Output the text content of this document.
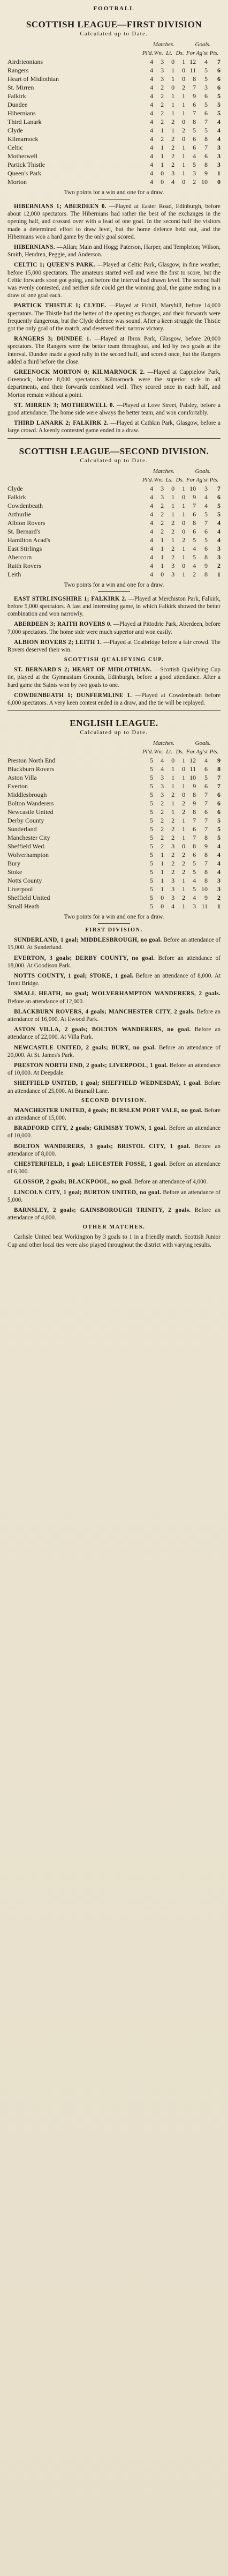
FOOTBALL
SCOTTISH LEAGUE—FIRST DIVISION
Calculated up to Date.
	Matches.				Goals.		
	Pl'd.	Wn.	Lt.	Ds.	For	Ag'st	Pts.
Airdrieonians	4	3	0	1	12	4	7
Rangers	4	3	1	0	11	5	6
Heart of Midlothian	4	3	1	0	8	5	6
St. Mirren	4	2	0	2	7	3	6
Falkirk	4	2	1	1	9	6	5
Dundee	4	2	1	1	6	5	5
Hibernians	4	2	1	1	7	6	5
Third Lanark	4	2	2	0	8	7	4
Clyde	4	1	1	2	5	5	4
Kilmarnock	4	2	2	0	6	8	4
Celtic	4	1	2	1	6	7	3
Motherwell	4	1	2	1	4	6	3
Partick Thistle	4	1	2	1	5	8	3
Queen's Park	4	0	3	1	3	9	1
Morton	4	0	4	0	2	10	0
Two points for a win and one for a draw.

HIBERNIANS 1; ABERDEEN 0. —Played at Easter Road, Edinburgh, before about 12,000 spectators. The Hibernians had rather the best of the exchanges in the opening half, and crossed over with a lead of one goal. In the second half the visitors made a determined effort to draw level, but the home defence held out, and the Hibernians won a hard game by the only goal scored.

HIBERNIANS. —Allan; Main and Hogg; Paterson, Harper, and Templeton; Wilson, Smith, Hendren, Peggie, and Anderson.

CELTIC 1; QUEEN'S PARK. —Played at Celtic Park, Glasgow, in fine weather, before 15,000 spectators. The amateurs started well and were the first to score, but the Celtic forwards soon got going, and before the interval had drawn level. The second half was evenly contested, and neither side could get the winning goal, the game ending in a draw of one goal each.

PARTICK THISTLE 1; CLYDE. —Played at Firhill, Maryhill, before 14,000 spectators. The Thistle had the better of the opening exchanges, and their forwards were frequently dangerous, but the Clyde defence was sound. After a keen struggle the Thistle got the only goal of the match, and deserved their narrow victory.

RANGERS 3; DUNDEE 1. —Played at Ibrox Park, Glasgow, before 20,000 spectators. The Rangers were the better team throughout, and led by two goals at the interval. Dundee made a good rally in the second half, and scored once, but the Rangers added a third before the close.

GREENOCK MORTON 0; KILMARNOCK 2. —Played at Cappielow Park, Greenock, before 8,000 spectators. Kilmarnock were the superior side in all departments, and their forwards combined well. They scored once in each half, and Morton remain without a point.

ST. MIRREN 3; MOTHERWELL 0. —Played at Love Street, Paisley, before a good attendance. The home side were always the better team, and won comfortably.

THIRD LANARK 2; FALKIRK 2. —Played at Cathkin Park, Glasgow, before a large crowd. A keenly contested game ended in a draw.

SCOTTISH LEAGUE—SECOND DIVISION.
Calculated up to Date.
	Matches.				Goals.		
	Pl'd.	Wn.	Ls.	Ds.	For	Ag'st	Pts.
Clyde	4	3	0	1	10	3	7
Falkirk	4	3	1	0	9	4	6
Cowdenbeath	4	2	1	1	7	4	5
Arthurlie	4	2	1	1	6	5	5
Albion Rovers	4	2	2	0	8	7	4
St. Bernard's	4	2	2	0	6	6	4
Hamilton Acad's	4	1	1	2	5	5	4
East Stirlings	4	1	2	1	4	6	3
Abercorn	4	1	2	1	5	8	3
Raith Rovers	4	1	3	0	4	9	2
Leith	4	0	3	1	2	8	1
Two points for a win and one for a draw.

EAST STIRLINGSHIRE 1; FALKIRK 2. —Played at Merchiston Park, Falkirk, before 5,000 spectators. A fast and interesting game, in which Falkirk showed the better combination and won narrowly.

ABERDEEN 3; RAITH ROVERS 0. —Played at Pittodrie Park, Aberdeen, before 7,000 spectators. The home side were much superior and won easily.

ALBION ROVERS 2; LEITH 1. —Played at Coatbridge before a fair crowd. The Rovers deserved their win.

SCOTTISH QUALIFYING CUP.

ST. BERNARD'S 2; HEART OF MIDLOTHIAN. —Scottish Qualifying Cup tie, played at the Gymnasium Grounds, Edinburgh, before a good attendance. After a hard game the Saints won by two goals to one.

COWDENBEATH 1; DUNFERMLINE 1. —Played at Cowdenbeath before 6,000 spectators. A very keen contest ended in a draw, and the tie will be replayed.

ENGLISH LEAGUE.
Calculated up to Date.
	Matches.				Goals.		
	Pl'd.	Wn.	Lt.	Ds.	For	Ag'st	Pts.
Preston North End	5	4	0	1	12	4	9
Blackburn Rovers	5	4	1	0	11	6	8
Aston Villa	5	3	1	1	10	5	7
Everton	5	3	1	1	9	6	7
Middlesbrough	5	3	2	0	8	7	6
Bolton Wanderers	5	2	1	2	9	7	6
Newcastle United	5	2	1	2	8	6	6
Derby County	5	2	2	1	7	7	5
Sunderland	5	2	2	1	6	7	5
Manchester City	5	2	2	1	7	8	5
Sheffield Wed.	5	2	3	0	8	9	4
Wolverhampton	5	1	2	2	6	8	4
Bury	5	1	2	2	5	7	4
Stoke	5	1	2	2	5	8	4
Notts County	5	1	3	1	4	8	3
Liverpool	5	1	3	1	5	10	3
Sheffield United	5	0	3	2	4	9	2
Small Heath	5	0	4	1	3	11	1
Two points for a win and one for a draw.
FIRST DIVISION.

SUNDERLAND, 1 goal; MIDDLESBROUGH, no goal. Before an attendance of 15,000. At Sunderland.

EVERTON, 3 goals; DERBY COUNTY, no goal. Before an attendance of 18,000. At Goodison Park.

NOTTS COUNTY, 1 goal; STOKE, 1 goal. Before an attendance of 8,000. At Trent Bridge.

SMALL HEATH, no goal; WOLVERHAMPTON WANDERERS, 2 goals. Before an attendance of 12,000.

BLACKBURN ROVERS, 4 goals; MANCHESTER CITY, 2 goals. Before an attendance of 16,000. At Ewood Park.

ASTON VILLA, 2 goals; BOLTON WANDERERS, no goal. Before an attendance of 22,000. At Villa Park.

NEWCASTLE UNITED, 2 goals; BURY, no goal. Before an attendance of 20,000. At St. James's Park.

PRESTON NORTH END, 2 goals; LIVERPOOL, 1 goal. Before an attendance of 10,000. At Deepdale.

SHEFFIELD UNITED, 1 goal; SHEFFIELD WEDNESDAY, 1 goal. Before an attendance of 25,000. At Bramall Lane.

SECOND DIVISION.

MANCHESTER UNITED, 4 goals; BURSLEM PORT VALE, no goal. Before an attendance of 15,000.

BRADFORD CITY, 2 goals; GRIMSBY TOWN, 1 goal. Before an attendance of 10,000.

BOLTON WANDERERS, 3 goals; BRISTOL CITY, 1 goal. Before an attendance of 8,000.

CHESTERFIELD, 1 goal; LEICESTER FOSSE, 1 goal. Before an attendance of 6,000.

GLOSSOP, 2 goals; BLACKPOOL, no goal. Before an attendance of 4,000.

LINCOLN CITY, 1 goal; BURTON UNITED, no goal. Before an attendance of 5,000.

BARNSLEY, 2 goals; GAINSBOROUGH TRINITY, 2 goals. Before an attendance of 4,000.

OTHER MATCHES.

Carlisle United beat Workington by 3 goals to 1 in a friendly match. Scottish Junior Cup and other local ties were also played throughout the district with varying results.
